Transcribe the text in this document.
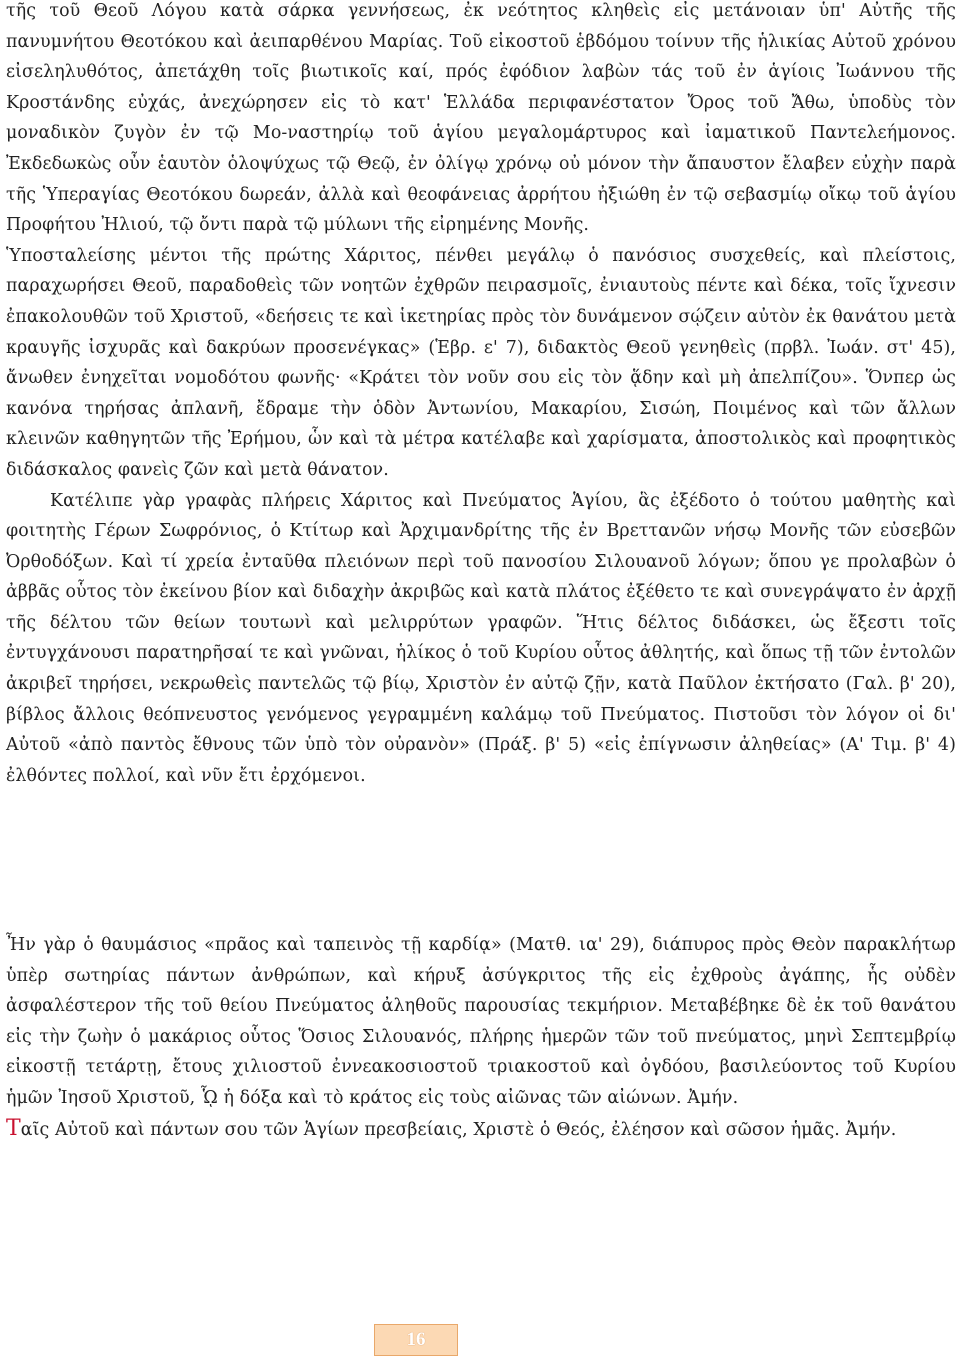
τῆς τοῦ Θεοῦ Λόγου κατὰ σάρκα γεννήσεως, ἐκ νεότητος κληθεὶς εἰς μετάνοιαν ὑπ' Αὐτῆς τῆς πανυμνήτου Θεοτόκου καὶ ἀειπαρθένου Μαρίας. Τοῦ εἰκοστοῦ ἑβδόμου τοίνυν τῆς ἡλικίας Αὐτοῦ χρόνου εἰσεληλυθότος, ἀπετάχθη τοῖς βιωτικοῖς καί, πρός ἐφόδιον λαβὼν τάς τοῦ ἐν ἁγίοις Ἰωάννου τῆς Κροστάνδης εὐχάς, ἀνεχώρησεν εἰς τὸ κατ' Ἑλλάδα περιφανέστατον Ὄρος τοῦ Ἄθω, ὑποδὺς τὸν μοναδικὸν ζυγὸν ἐν τῷ Μο-ναστηρίῳ τοῦ ἁγίου μεγαλομάρτυρος καὶ ἰαματικοῦ Παντελεήμονος. Ἐκδεδωκὼς οὖν ἑαυτὸν ὁλοψύχως τῷ Θεῷ, ἐν ὀλίγῳ χρόνῳ οὐ μόνον τὴν ἄπαυστον ἔλαβεν εὐχὴν παρὰ τῆς Ὑπεραγίας Θεοτόκου δωρεάν, ἀλλὰ καὶ θεοφάνειας ἀρρήτου ἠξιώθη ἐν τῷ σεβασμίῳ οἴκῳ τοῦ ἁγίου Προφήτου Ἠλιού, τῷ ὄντι παρὰ τῷ μύλωνι τῆς εἰρημένης Μονῆς.

Ὑποσταλείσης μέντοι τῆς πρώτης Χάριτος, πένθει μεγάλῳ ὁ πανόσιος συσχεθείς, καὶ πλείστοις, παραχωρήσει Θεοῦ, παραδοθεὶς τῶν νοητῶν ἐχθρῶν πειρασμοῖς, ἐνιαυτοὺς πέντε καὶ δέκα, τοῖς ἴχνεσιν ἐπακολουθῶν τοῦ Χριστοῦ, «δεήσεις τε καὶ ἱκετηρίας πρὸς τὸν δυνάμενον σῴζειν αὐτὸν ἐκ θανάτου μετὰ κραυγῆς ἰσχυρᾶς καὶ δακρύων προσενέγκας» (Ἑβρ. ε' 7), διδακτὸς Θεοῦ γενηθεὶς (πρβλ. Ἰωάν. στ' 45), ἄνωθεν ἐνηχεῖται νομοδότου φωνῆς· «Κράτει τὸν νοῦν σου εἰς τὸν ᾅδην καὶ μὴ ἀπελπίζου». Ὅνπερ ὡς κανόνα τηρήσας ἀπλανῆ, ἔδραμε τὴν ὁδὸν Ἀντωνίου, Μακαρίου, Σισώη, Ποιμένος καὶ τῶν ἄλλων κλεινῶν καθηγητῶν τῆς Ἐρήμου, ὧν καὶ τὰ μέτρα κατέλαβε καὶ χαρίσματα, ἀποστολικὸς καὶ προφητικὸς διδάσκαλος φανεὶς ζῶν καὶ μετὰ θάνατον.

Κατέλιπε γὰρ γραφὰς πλήρεις Χάριτος καὶ Πνεύματος Ἁγίου, ἃς ἐξέδοτο ὁ τούτου μαθητὴς καὶ φοιτητὴς Γέρων Σωφρόνιος, ὁ Κτίτωρ καὶ Ἀρχιμανδρίτης τῆς ἐν Βρεττανῶν νήσῳ Μονῆς τῶν εὐσεβῶν Ὀρθοδόξων. Καὶ τί χρεία ἐνταῦθα πλειόνων περὶ τοῦ πανοσίου Σιλουανοῦ λόγων; ὅπου γε προλαβὼν ὁ ἀββᾶς οὗτος τὸν ἐκείνου βίον καὶ διδαχὴν ἀκριβῶς καὶ κατὰ πλάτος ἐξέθετο τε καὶ συνεγράψατο ἐν ἀρχῇ τῆς δέλτου τῶν θείων τουτωνὶ καὶ μελιρρύτων γραφῶν. Ἥτις δέλτος διδάσκει, ὡς ἔξεστι τοῖς ἐντυγχάνουσι παρατηρῆσαί τε καὶ γνῶναι, ἡλίκος ὁ τοῦ Κυρίου οὗτος ἀθλητής, καὶ ὅπως τῇ τῶν ἐντολῶν ἀκριβεῖ τηρήσει, νεκρωθεὶς παντελῶς τῷ βίῳ, Χριστὸν ἐν αὐτῷ ζῇν, κατὰ Παῦλον ἐκτήσατο (Γαλ. β' 20), βίβλος ἄλλοις θεόπνευστος γενόμενος γεγραμμένη καλάμῳ τοῦ Πνεύματος. Πιστοῦσι τὸν λόγον οἱ δι' Αὐτοῦ «ἀπὸ παντὸς ἔθνους τῶν ὑπὸ τὸν οὐρανὸν» (Πράξ. β' 5) «εἰς ἐπίγνωσιν ἀληθείας» (Α' Τιμ. β' 4) ἐλθόντες πολλοί, καὶ νῦν ἔτι ἐρχόμενοι.

Ἦν γὰρ ὁ θαυμάσιος «πρᾶος καὶ ταπεινὸς τῇ καρδίᾳ» (Ματθ. ια' 29), διάπυρος πρὸς Θεὸν παρακλήτωρ ὑπὲρ σωτηρίας πάντων ἀνθρώπων, καὶ κήρυξ ἀσύγκριτος τῆς εἰς ἐχθροὺς ἀγάπης, ἧς οὐδὲν ἀσφαλέστερον τῆς τοῦ θείου Πνεύματος ἀληθοῦς παρουσίας τεκμήριον. Μεταβέβηκε δὲ ἐκ τοῦ θανάτου εἰς τὴν ζωὴν ὁ μακάριος οὗτος Ὅσιος Σιλουανός, πλήρης ἡμερῶν τῶν τοῦ πνεύματος, μηνὶ Σεπτεμβρίῳ εἰκοστῇ τετάρτῃ, ἔτους χιλιοστοῦ ἐννεακοσιοστοῦ τριακοστοῦ καὶ ὀγδόου, βασιλεύοντος τοῦ Κυρίου ἡμῶν Ἰησοῦ Χριστοῦ, ᾯ ἡ δόξα καὶ τὸ κράτος εἰς τοὺς αἰῶνας τῶν αἰώνων. Ἀμήν.

Ταῖς Αὐτοῦ καὶ πάντων σου τῶν Ἁγίων πρεσβείαις, Χριστὲ ὁ Θεός, ἐλέησον καὶ σῶσον ἡμᾶς. Ἀμήν.

16
